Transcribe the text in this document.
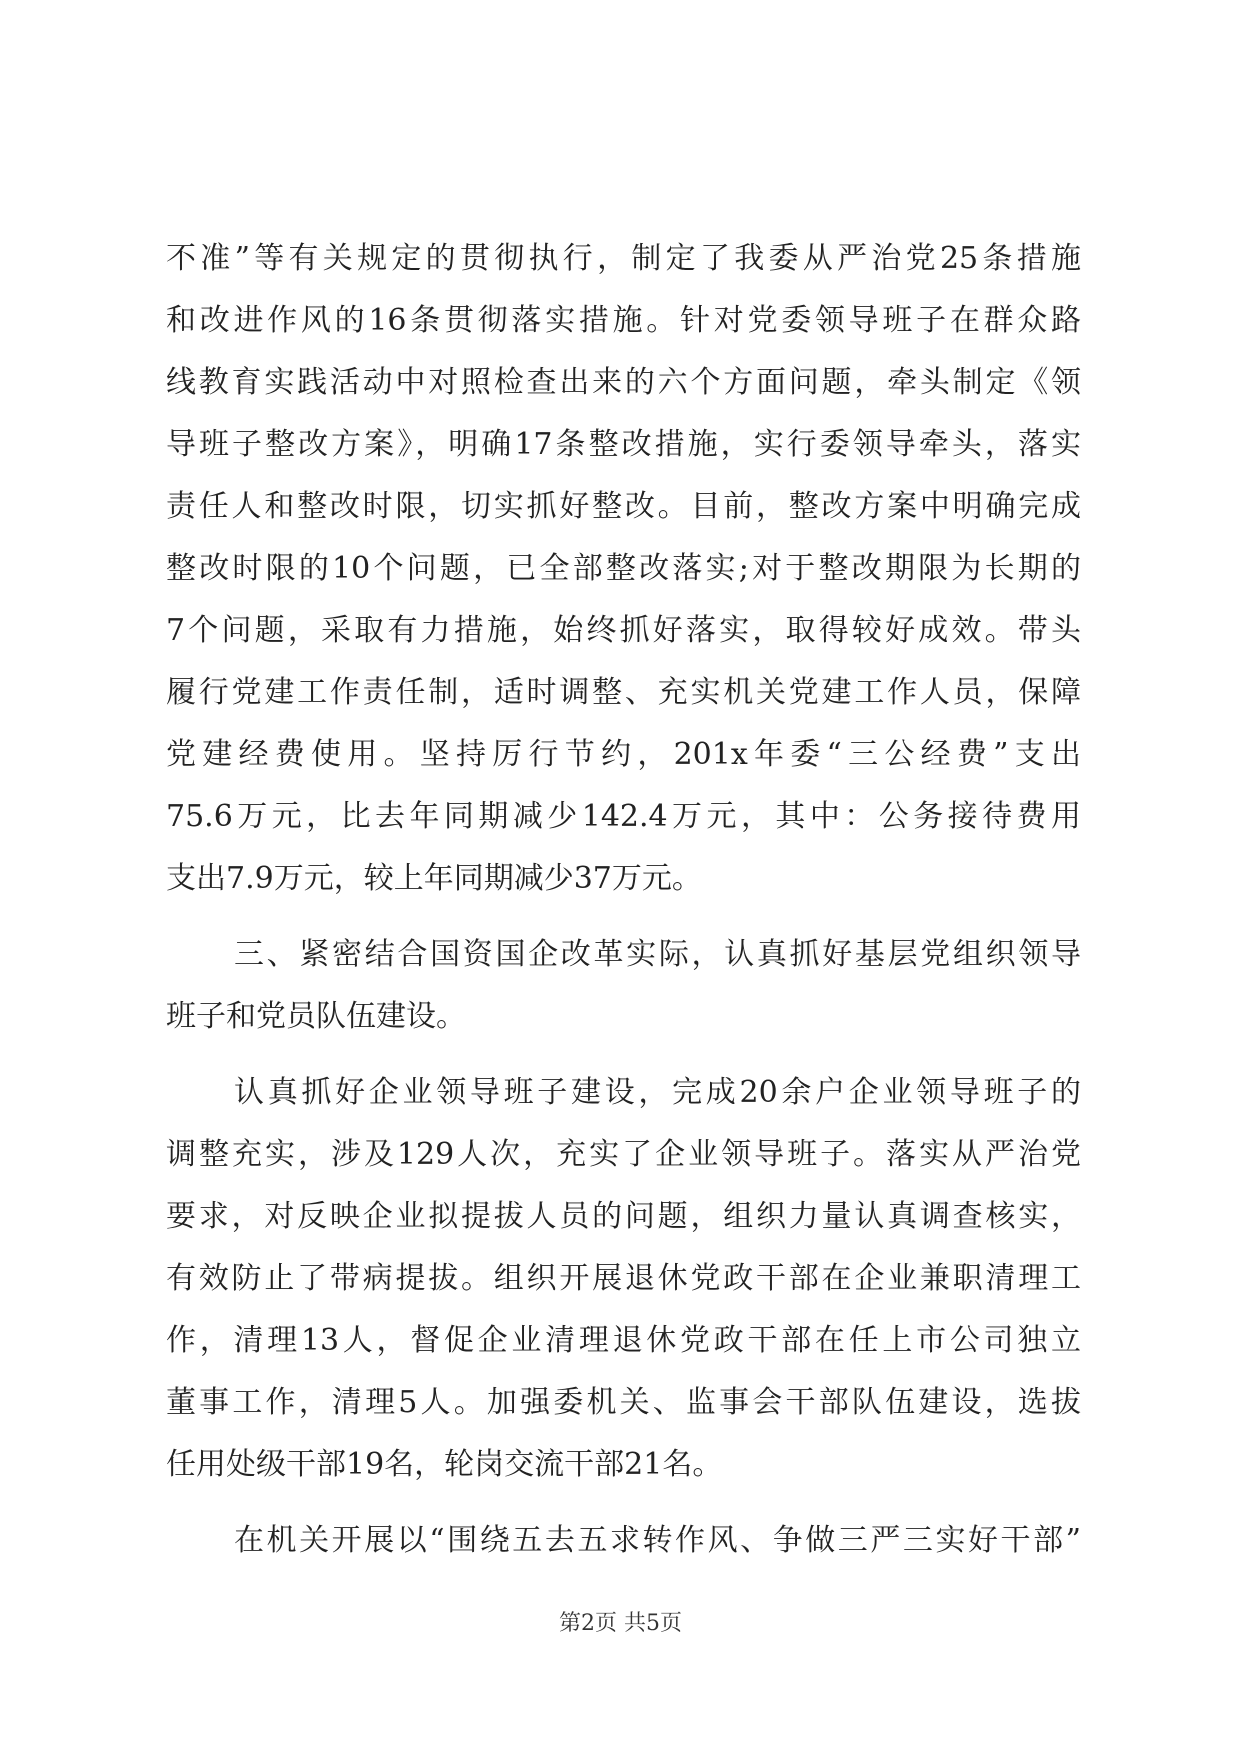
不准”等有关规定的贯彻执行，制定了我委从严治党25条措施
和改进作风的16条贯彻落实措施。针对党委领导班子在群众路
线教育实践活动中对照检查出来的六个方面问题，牵头制定《领
导班子整改方案》，明确17条整改措施，实行委领导牵头，落实
责任人和整改时限，切实抓好整改。目前，整改方案中明确完成
整改时限的10个问题，已全部整改落实;对于整改期限为长期的
7个问题，采取有力措施，始终抓好落实，取得较好成效。带头
履行党建工作责任制，适时调整、充实机关党建工作人员，保障
党建经费使用。坚持厉行节约，201x年委“三公经费”支出
75.6万元，比去年同期减少142.4万元，其中：公务接待费用
支出7.9万元，较上年同期减少37万元。
三、紧密结合国资国企改革实际，认真抓好基层党组织领导
班子和党员队伍建设。
认真抓好企业领导班子建设，完成20余户企业领导班子的
调整充实，涉及129人次，充实了企业领导班子。落实从严治党
要求，对反映企业拟提拔人员的问题，组织力量认真调查核实，
有效防止了带病提拔。组织开展退休党政干部在企业兼职清理工
作，清理13人，督促企业清理退休党政干部在任上市公司独立
董事工作，清理5人。加强委机关、监事会干部队伍建设，选拔
任用处级干部19名，轮岗交流干部21名。
在机关开展以“围绕五去五求转作风、争做三严三实好干部”
第2页 共5页
